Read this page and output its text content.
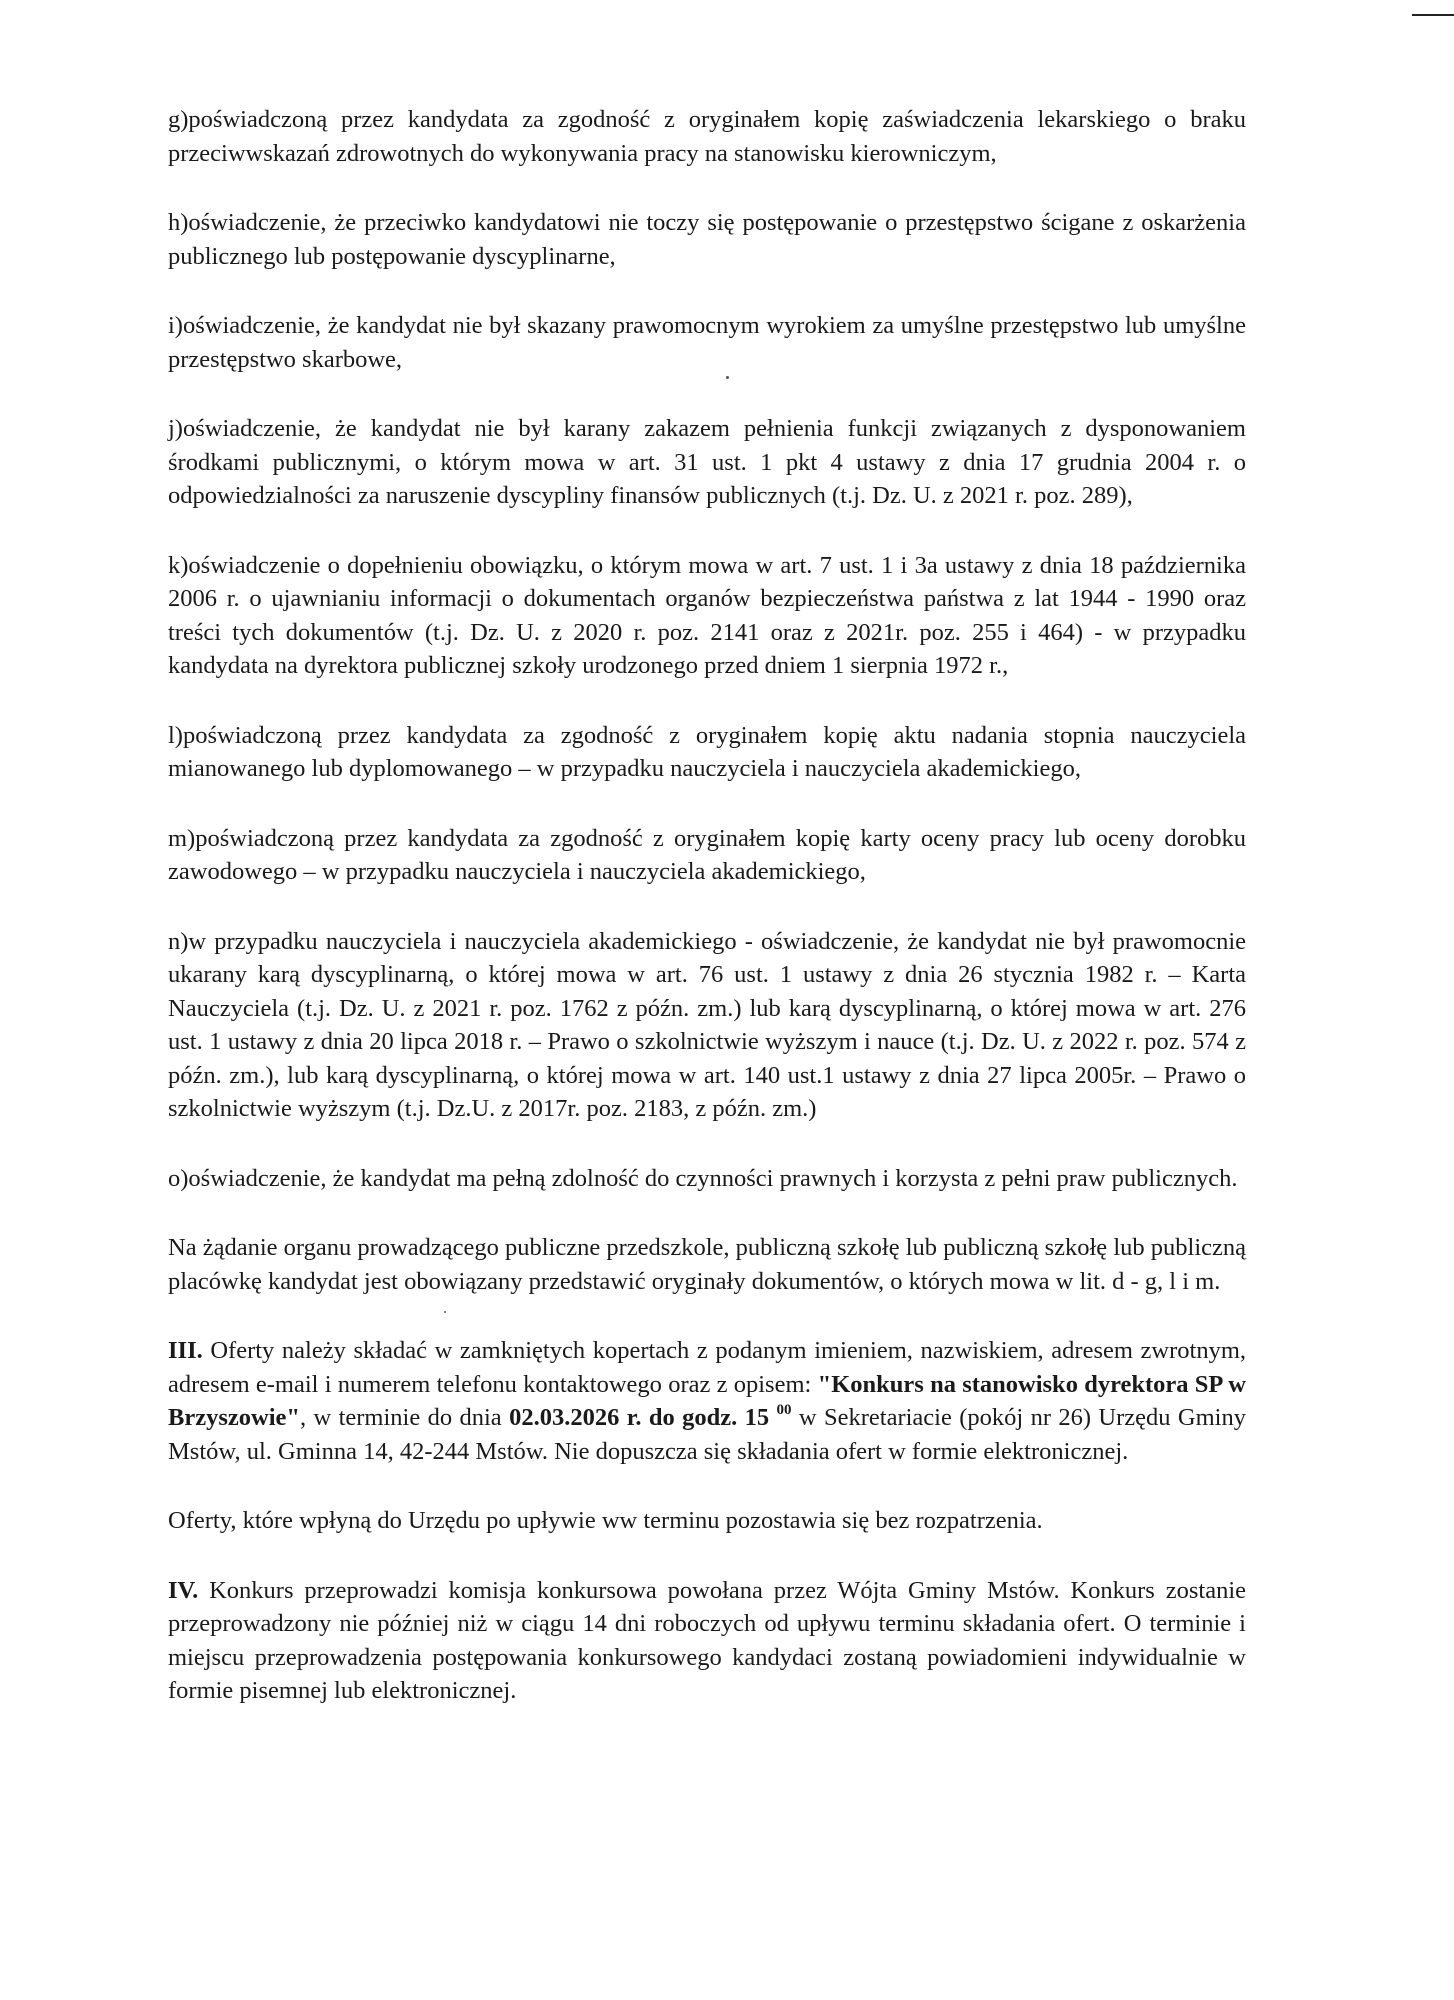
g)poświadczoną przez kandydata za zgodność z oryginałem kopię zaświadczenia lekarskiego o braku przeciwwskazań zdrowotnych do wykonywania pracy na stanowisku kierowniczym,

h)oświadczenie, że przeciwko kandydatowi nie toczy się postępowanie o przestępstwo ścigane z oskarżenia publicznego lub postępowanie dyscyplinarne,

i)oświadczenie, że kandydat nie był skazany prawomocnym wyrokiem za umyślne przestępstwo lub umyślne przestępstwo skarbowe,

j)oświadczenie, że kandydat nie był karany zakazem pełnienia funkcji związanych z dysponowaniem środkami publicznymi, o którym mowa w art. 31 ust. 1 pkt 4 ustawy z dnia 17 grudnia 2004 r. o odpowiedzialności za naruszenie dyscypliny finansów publicznych (t.j. Dz. U. z 2021 r. poz. 289),

k)oświadczenie o dopełnieniu obowiązku, o którym mowa w art. 7 ust. 1 i 3a ustawy z dnia 18 października 2006 r. o ujawnianiu informacji o dokumentach organów bezpieczeństwa państwa z lat 1944 - 1990 oraz treści tych dokumentów (t.j. Dz. U. z 2020 r. poz. 2141 oraz z 2021r. poz. 255 i 464) - w przypadku kandydata na dyrektora publicznej szkoły urodzonego przed dniem 1 sierpnia 1972 r.,

l)poświadczoną przez kandydata za zgodność z oryginałem kopię aktu nadania stopnia nauczyciela mianowanego lub dyplomowanego – w przypadku nauczyciela i nauczyciela akademickiego,

m)poświadczoną przez kandydata za zgodność z oryginałem kopię karty oceny pracy lub oceny dorobku zawodowego – w przypadku nauczyciela i nauczyciela akademickiego,

n)w przypadku nauczyciela i nauczyciela akademickiego - oświadczenie, że kandydat nie był prawomocnie ukarany karą dyscyplinarną, o której mowa w art. 76 ust. 1 ustawy z dnia 26 stycznia 1982 r. – Karta Nauczyciela (t.j. Dz. U. z 2021 r. poz. 1762 z późn. zm.) lub karą dyscyplinarną, o której mowa w art. 276 ust. 1 ustawy z dnia 20 lipca 2018 r. – Prawo o szkolnictwie wyższym i nauce (t.j. Dz. U. z 2022 r. poz. 574 z późn. zm.), lub karą dyscyplinarną, o której mowa w art. 140 ust.1 ustawy z dnia 27 lipca 2005r. – Prawo o szkolnictwie wyższym (t.j. Dz.U. z 2017r. poz. 2183, z późn. zm.)

o)oświadczenie, że kandydat ma pełną zdolność do czynności prawnych i korzysta z pełni praw publicznych.

Na żądanie organu prowadzącego publiczne przedszkole, publiczną szkołę lub publiczną szkołę lub publiczną placówkę kandydat jest obowiązany przedstawić oryginały dokumentów, o których mowa w lit. d - g, l i m.

III. Oferty należy składać w zamkniętych kopertach z podanym imieniem, nazwiskiem, adresem zwrotnym, adresem e-mail i numerem telefonu kontaktowego oraz z opisem: "Konkurs na stanowisko dyrektora SP w Brzyszowie", w terminie do dnia 02.03.2026 r. do godz. 15 $^{00}$ w Sekretariacie (pokój nr 26) Urzędu Gminy Mstów, ul. Gminna 14, 42-244 Mstów. Nie dopuszcza się składania ofert w formie elektronicznej.

Oferty, które wpłyną do Urzędu po upływie ww terminu pozostawia się bez rozpatrzenia.

IV. Konkurs przeprowadzi komisja konkursowa powołana przez Wójta Gminy Mstów. Konkurs zostanie przeprowadzony nie później niż w ciągu 14 dni roboczych od upływu terminu składania ofert. O terminie i miejscu przeprowadzenia postępowania konkursowego kandydaci zostaną powiadomieni indywidualnie w formie pisemnej lub elektronicznej.
